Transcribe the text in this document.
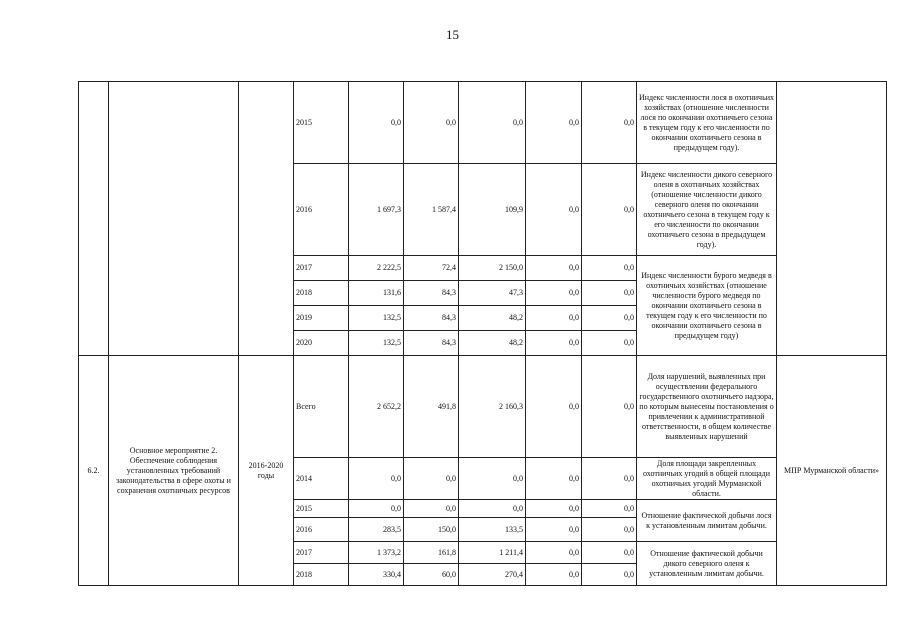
15
			2015	0,0	0,0	0,0	0,0	0,0	Индекс численности лося в охотничьих хозяйствах (отношение численности лося по окончании охотничьего сезона в текущем году к его численности по окончании охотничьего сезона в предыдущем году).	
			2016	1 697,3	1 587,4	109,9	0,0	0,0	Индекс численности дикого северного оленя в охотничьих хозяйствах (отношение численности дикого северного оленя по окончании охотничьего сезона в текущем году к его численности по окончании охотничьего сезона в предыдущем году).	
			2017	2 222,5	72,4	2 150,0	0,0	0,0	Индекс численности бурого медведя в охотничьих хозяйствах (отношение численности бурого медведя по окончании охотничьего сезона в текущем году к его численности по окончании охотничьего сезона в предыдущем году)	
			2018	131,6	84,3	47,3	0,0	0,0		
			2019	132,5	84,3	48,2	0,0	0,0		
			2020	132,5	84,3	48,2	0,0	0,0		
6.2.	Основное мероприятие 2. Обеспечение соблюдения установленных требований законодательства в сфере охоты и сохранения охотничьих ресурсов	2016-2020 годы	Всего	2 652,2	491,8	2 160,3	0,0	0,0	Доля нарушений, выявленных при осуществлении федерального государственного охотничьего надзора, по которым вынесены постановления о привлечении к административной ответственности, в общем количестве выявленных нарушений	МПР Мурманской области»
			2014	0,0	0,0	0,0	0,0	0,0	Доля площади закрепленных охотничьих угодий в общей площади охотничьих угодий Мурманской области.	
			2015	0,0	0,0	0,0	0,0	0,0	Отношение фактической добычи лося к установленным лимитам добычи.	
			2016	283,5	150,0	133,5	0,0	0,0		
			2017	1 373,2	161,8	1 211,4	0,0	0,0	Отношение фактической добычи дикого северного оленя к установленным лимитам добычи.	
			2018	330,4	60,0	270,4	0,0	0,0		
